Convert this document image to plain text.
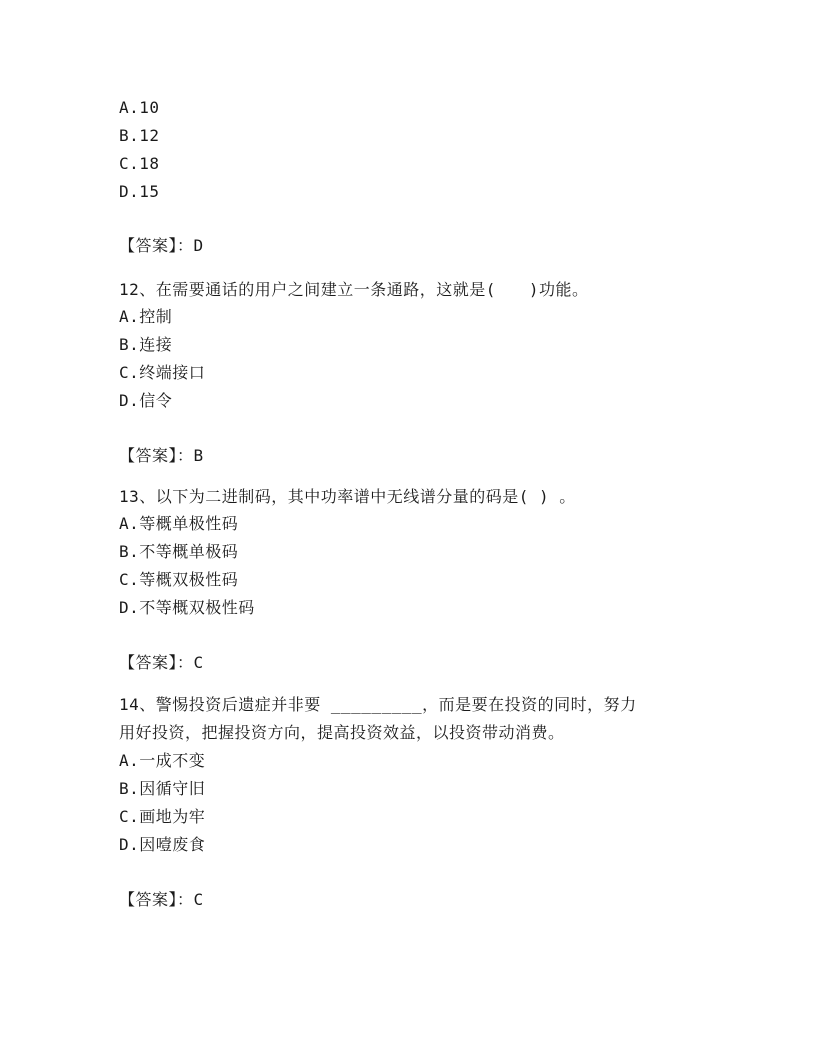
A.10
B.12
C.18
D.15
【答案】：D
12、在需要通话的用户之间建立一条通路，这就是(　　)功能。
A.控制
B.连接
C.终端接口
D.信令
【答案】：B
13、以下为二进制码，其中功率谱中无线谱分量的码是( ) 。
A.等概单极性码
B.不等概单极码
C.等概双极性码
D.不等概双极性码
【答案】：C
14、警惕投资后遗症并非要 _________，而是要在投资的同时，努力
用好投资，把握投资方向，提高投资效益，以投资带动消费。
A.一成不变
B.因循守旧
C.画地为牢
D.因噎废食
【答案】：C
